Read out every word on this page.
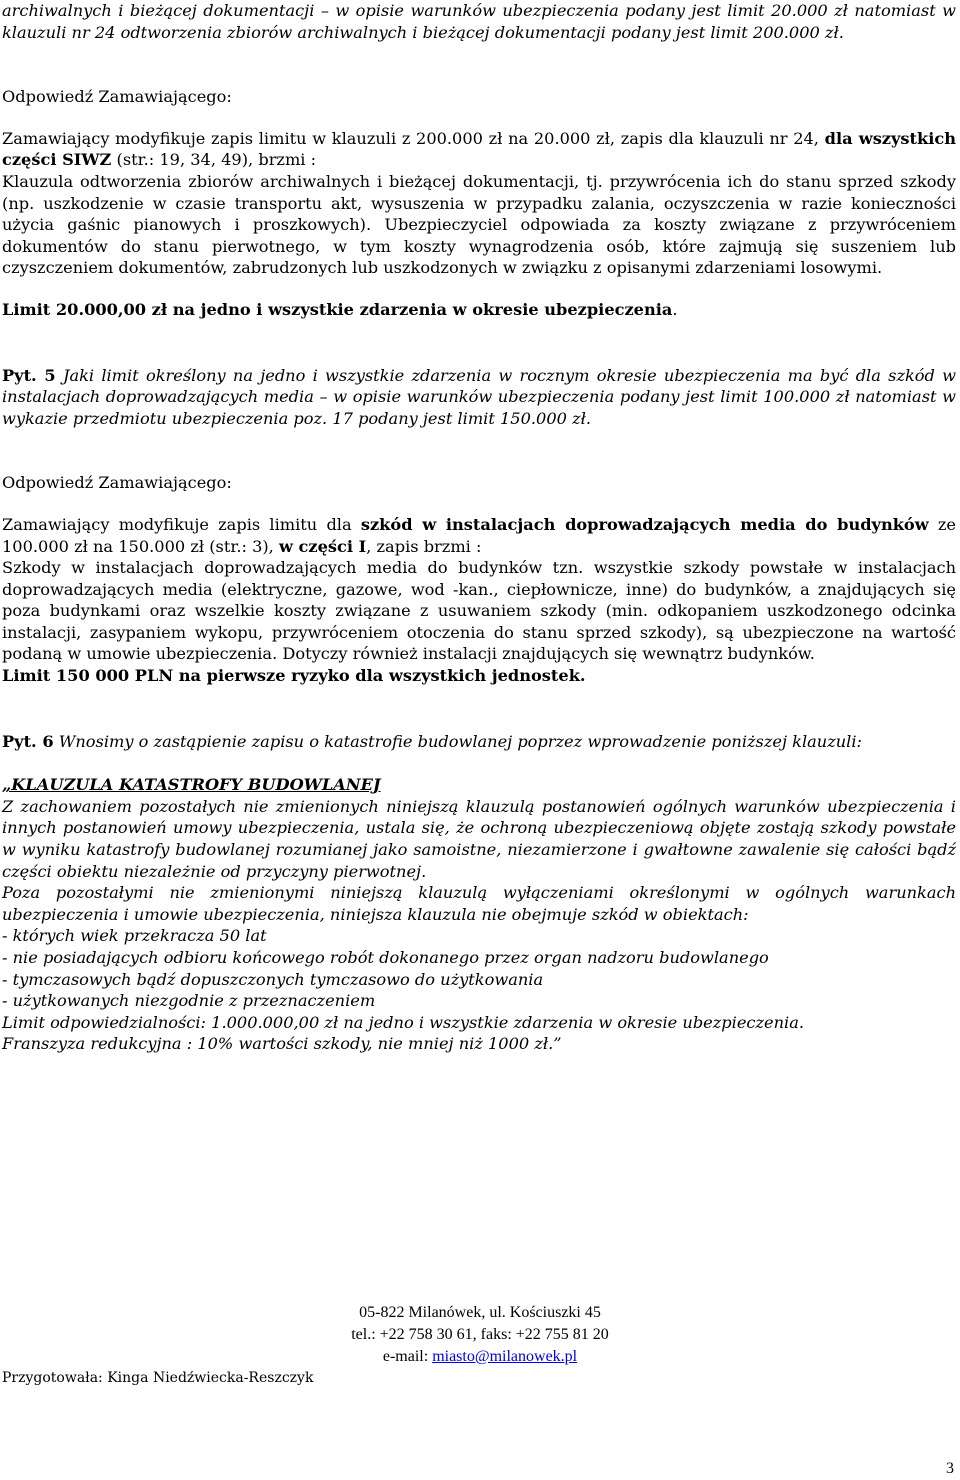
archiwalnych i bieżącej dokumentacji – w opisie warunków ubezpieczenia podany jest limit 20.000 zł natomiast w klauzuli nr 24 odtworzenia zbiorów archiwalnych i bieżącej dokumentacji podany jest limit 200.000 zł.

Odpowiedź Zamawiającego:

Zamawiający modyfikuje zapis limitu w klauzuli z 200.000 zł na 20.000 zł, zapis dla klauzuli nr 24, dla wszystkich części SIWZ (str.: 19, 34, 49), brzmi :

Klauzula odtworzenia zbiorów archiwalnych i bieżącej dokumentacji, tj. przywrócenia ich do stanu sprzed szkody (np. uszkodzenie w czasie transportu akt, wysuszenia w przypadku zalania, oczyszczenia w razie konieczności użycia gaśnic pianowych i proszkowych). Ubezpieczyciel odpowiada za koszty związane z przywróceniem dokumentów do stanu pierwotnego, w tym koszty wynagrodzenia osób, które zajmują się suszeniem lub czyszczeniem dokumentów, zabrudzonych lub uszkodzonych w związku z opisanymi zdarzeniami losowymi.

Limit 20.000,00 zł na jedno i wszystkie zdarzenia w okresie ubezpieczenia.

Pyt. 5 Jaki limit określony na jedno i wszystkie zdarzenia w rocznym okresie ubezpieczenia ma być dla szkód w instalacjach doprowadzających media – w opisie warunków ubezpieczenia podany jest limit 100.000 zł natomiast w wykazie przedmiotu ubezpieczenia poz. 17 podany jest limit 150.000 zł.

Odpowiedź Zamawiającego:

Zamawiający modyfikuje zapis limitu dla szkód w instalacjach doprowadzających media do budynków ze 100.000 zł na 150.000 zł (str.: 3), w części I, zapis brzmi :

Szkody w instalacjach doprowadzających media do budynków tzn. wszystkie szkody powstałe w instalacjach doprowadzających media (elektryczne, gazowe, wod -kan., ciepłownicze, inne) do budynków, a znajdujących się poza budynkami oraz wszelkie koszty związane z usuwaniem szkody (min. odkopaniem uszkodzonego odcinka instalacji, zasypaniem wykopu, przywróceniem otoczenia do stanu sprzed szkody), są ubezpieczone na wartość podaną w umowie ubezpieczenia. Dotyczy również instalacji znajdujących się wewnątrz budynków.

Limit 150 000 PLN na pierwsze ryzyko dla wszystkich jednostek.

Pyt. 6 Wnosimy o zastąpienie zapisu o katastrofie budowlanej poprzez wprowadzenie poniższej klauzuli:

„KLAUZULA KATASTROFY BUDOWLANEJ

Z zachowaniem pozostałych nie zmienionych niniejszą klauzulą postanowień ogólnych warunków ubezpieczenia i innych postanowień umowy ubezpieczenia, ustala się, że ochroną ubezpieczeniową objęte zostają szkody powstałe w wyniku katastrofy budowlanej rozumianej jako samoistne, niezamierzone i gwałtowne zawalenie się całości bądź części obiektu niezależnie od przyczyny pierwotnej.

Poza pozostałymi nie zmienionymi niniejszą klauzulą wyłączeniami określonymi w ogólnych warunkach ubezpieczenia i umowie ubezpieczenia, niniejsza klauzula nie obejmuje szkód w obiektach:

- których wiek przekracza 50 lat
- nie posiadających odbioru końcowego robót dokonanego przez organ nadzoru budowlanego
- tymczasowych bądź dopuszczonych tymczasowo do użytkowania
- użytkowanych niezgodnie z przeznaczeniem

Limit odpowiedzialności: 1.000.000,00 zł na jedno i wszystkie zdarzenia w okresie ubezpieczenia.

Franszyza redukcyjna : 10% wartości szkody, nie mniej niż 1000 zł.”

05-822 Milanówek, ul. Kościuszki 45
tel.: +22 758 30 61, faks: +22 755 81 20
e-mail: miasto@milanowek.pl
Przygotowała: Kinga Niedźwiecka-Reszczyk
3
